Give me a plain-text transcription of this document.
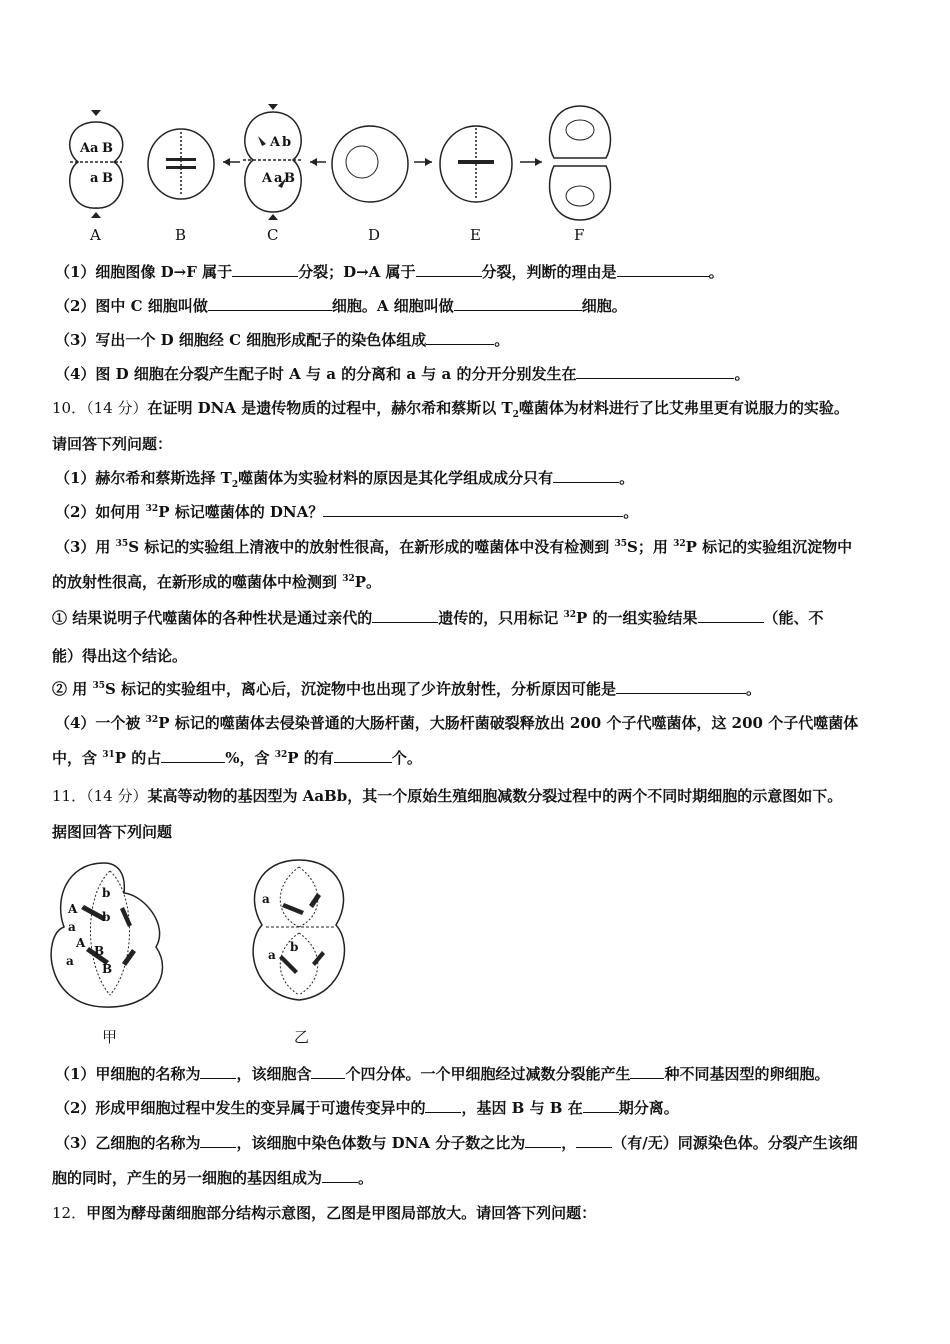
A a B
a B
A b
A a B
A	B	C	D	E	F
（1）细胞图像 D→F 属于	分裂；D→A 属于	分裂，判断的理由是	。
（2）图中 C 细胞叫做	细胞。A 细胞叫做	细胞。
（3）写出一个 D 细胞经 C 细胞形成配子的染色体组成	。
（4）图 D 细胞在分裂产生配子时 A 与 a 的分离和 a 与 a 的分开分别发生在	。
10．（14 分）在证明 DNA 是遗传物质的过程中，赫尔希和蔡斯以 $T_2$噬菌体为材料进行了比艾弗里更有说服力的实验。
请回答下列问题：
（1）赫尔希和蔡斯选择 $T_2$噬菌体为实验材料的原因是其化学组成成分只有	。
（2）如何用 $^{32}$P 标记噬菌体的 DNA？	。
（3）用 $^{35}$S 标记的实验组上清液中的放射性很高，在新形成的噬菌体中没有检测到 $^{35}$S；用 $^{32}$P 标记的实验组沉淀物中
的放射性很高，在新形成的噬菌体中检测到 $^{32}$P。
① 结果说明子代噬菌体的各种性状是通过亲代的	遗传的，只用标记 $^{32}$P 的一组实验结果	（能、不
能）得出这个结论。
② 用 $^{35}$S 标记的实验组中，离心后，沉淀物中也出现了少许放射性，分析原因可能是	。
（4）一个被 $^{32}$P 标记的噬菌体去侵染普通的大肠杆菌，大肠杆菌破裂释放出 200 个子代噬菌体，这 200 个子代噬菌体
中，含 $^{31}$P 的占	%，含 $^{32}$P 的有	个。
11．（14 分）某高等动物的基因型为 AaBb，其一个原始生殖细胞减数分裂过程中的两个不同时期细胞的示意图如下。
据图回答下列问题
b
b
A
a
A
a
B
B
a
a
b
甲	乙
（1）甲细胞的名称为 ，该细胞含 个四分体。一个甲细胞经过减数分裂能产生 种不同基因型的卵细胞。
（2）形成甲细胞过程中发生的变异属于可遗传变异中的 ，基因 B 与 B 在 期分离。
（3）乙细胞的名称为 ，该细胞中染色体数与 DNA 分子数之比为 ， （有/无）同源染色体。分裂产生该细
胞的同时，产生的另一细胞的基因组成为 。
12．甲图为酵母菌细胞部分结构示意图，乙图是甲图局部放大。请回答下列问题：
